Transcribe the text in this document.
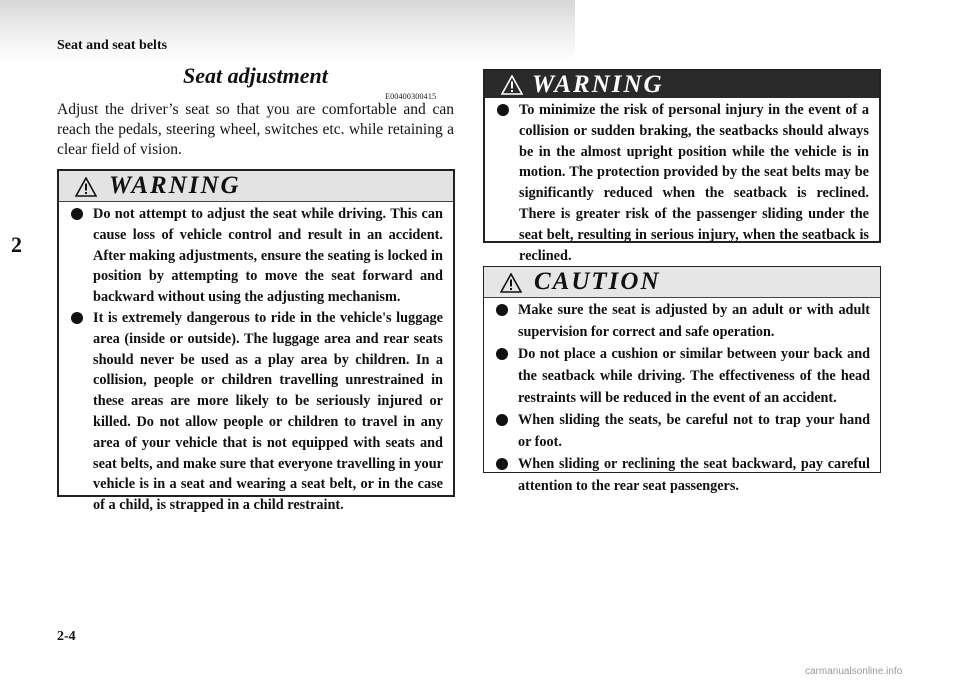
Seat and seat belts
2
Seat adjustment
E00400300415

Adjust the driver’s seat so that you are comfortable and can reach the pedals, steering wheel, switches etc. while retaining a clear field of vision.

WARNING
Do not attempt to adjust the seat while driving. This can cause loss of vehicle control and result in an accident. After making adjustments, ensure the seating is locked in position by attempting to move the seat forward and backward without using the adjusting mechanism.
It is extremely dangerous to ride in the vehicle's luggage area (inside or outside). The luggage area and rear seats should never be used as a play area by children. In a collision, people or children travelling unrestrained in these areas are more likely to be seriously injured or killed. Do not allow people or children to travel in any area of your vehicle that is not equipped with seats and seat belts, and make sure that everyone travelling in your vehicle is in a seat and wearing a seat belt, or in the case of a child, is strapped in a child restraint.
WARNING
To minimize the risk of personal injury in the event of a collision or sudden braking, the seatbacks should always be in the almost upright position while the vehicle is in motion. The protection provided by the seat belts may be significantly reduced when the seatback is reclined. There is greater risk of the passenger sliding under the seat belt, resulting in serious injury, when the seatback is reclined.
CAUTION
Make sure the seat is adjusted by an adult or with adult supervision for correct and safe operation.
Do not place a cushion or similar between your back and the seatback while driving. The effectiveness of the head restraints will be reduced in the event of an accident.
When sliding the seats, be careful not to trap your hand or foot.
When sliding or reclining the seat backward, pay careful attention to the rear seat passengers.
2-4
carmanualsonline.info
